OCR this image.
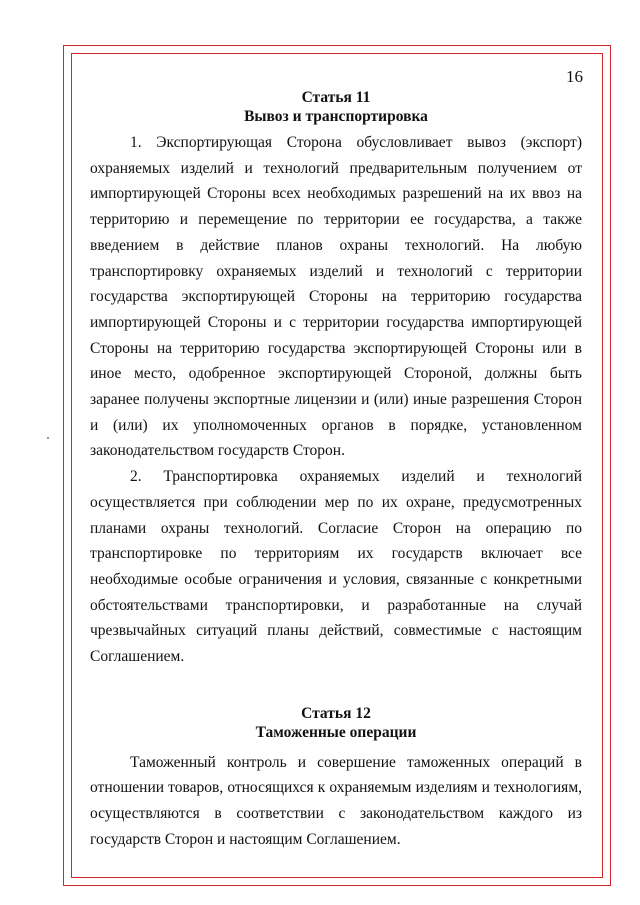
16
Статья 11
Вывоз и транспортировка

1. Экспортирующая Сторона обусловливает вывоз (экспорт) охраняемых изделий и технологий предварительным получением от импортирующей Стороны всех необходимых разрешений на их ввоз на территорию и перемещение по территории ее государства, а также введением в действие планов охраны технологий. На любую транспортировку охраняемых изделий и технологий с территории государства экспортирующей Стороны на территорию государства импортирующей Стороны и с территории государства импортирующей Стороны на территорию государства экспортирующей Стороны или в иное место, одобренное экспортирующей Стороной, должны быть заранее получены экспортные лицензии и (или) иные разрешения Сторон и (или) их уполномоченных органов в порядке, установленном законодательством государств Сторон.

2. Транспортировка охраняемых изделий и технологий осуществляется при соблюдении мер по их охране, предусмотренных планами охраны технологий. Согласие Сторон на операцию по транспортировке по территориям их государств включает все необходимые особые ограничения и условия, связанные с конкретными обстоятельствами транспортировки, и разработанные на случай чрезвычайных ситуаций планы действий, совместимые с настоящим Соглашением.

Статья 12
Таможенные операции

Таможенный контроль и совершение таможенных операций в отношении товаров, относящихся к охраняемым изделиям и технологиям, осуществляются в соответствии с законодательством каждого из государств Сторон и настоящим Соглашением.
